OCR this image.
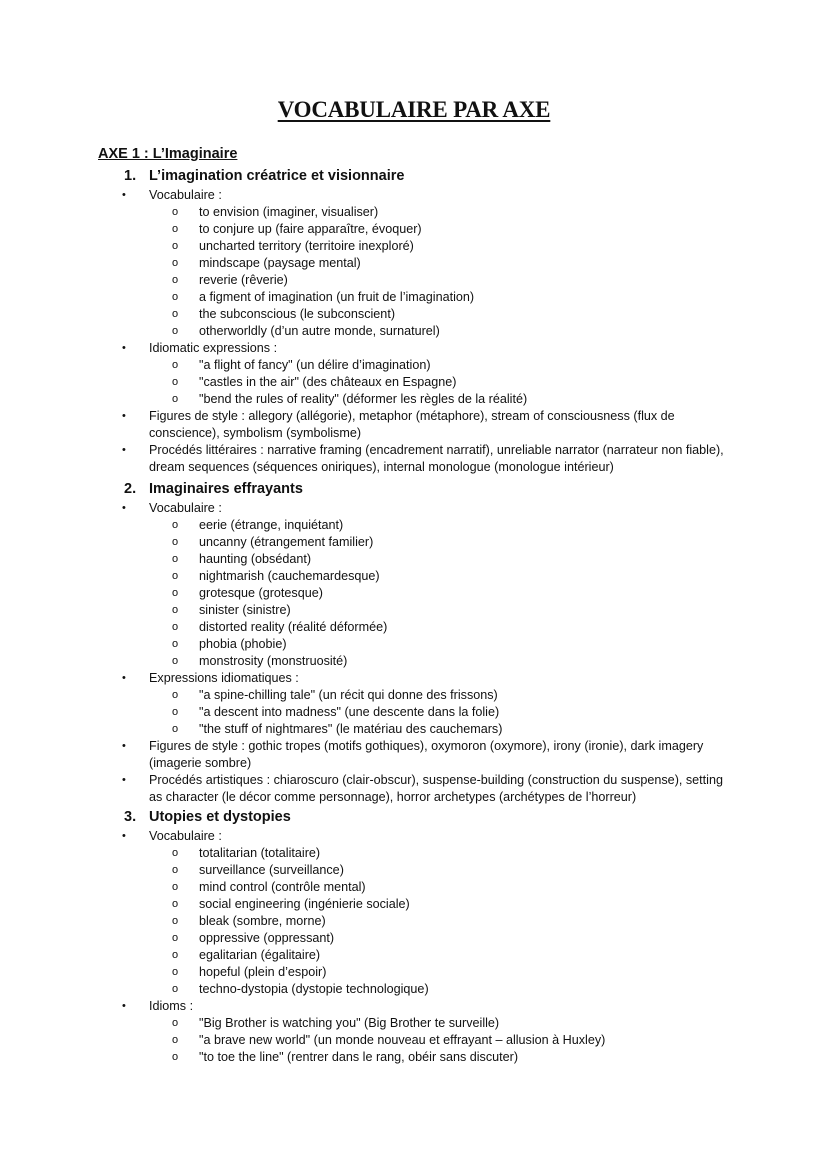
VOCABULAIRE PAR AXE
AXE 1 : L’Imaginaire
1. L’imagination créatrice et visionnaire
• Vocabulaire :
o to envision (imaginer, visualiser)
o to conjure up (faire apparaître, évoquer)
o uncharted territory (territoire inexploré)
o mindscape (paysage mental)
o reverie (rêverie)
o a figment of imagination (un fruit de l’imagination)
o the subconscious (le subconscient)
o otherworldly (d’un autre monde, surnaturel)
• Idiomatic expressions :
o "a flight of fancy" (un délire d’imagination)
o "castles in the air" (des châteaux en Espagne)
o "bend the rules of reality" (déformer les règles de la réalité)
• Figures de style : allegory (allégorie), metaphor (métaphore), stream of consciousness (flux de conscience), symbolism (symbolisme)
• Procédés littéraires : narrative framing (encadrement narratif), unreliable narrator (narrateur non fiable), dream sequences (séquences oniriques), internal monologue (monologue intérieur)
2. Imaginaires effrayants
• Vocabulaire :
o eerie (étrange, inquiétant)
o uncanny (étrangement familier)
o haunting (obsédant)
o nightmarish (cauchemardesque)
o grotesque (grotesque)
o sinister (sinistre)
o distorted reality (réalité déformée)
o phobia (phobie)
o monstrosity (monstruosité)
• Expressions idiomatiques :
o "a spine-chilling tale" (un récit qui donne des frissons)
o "a descent into madness" (une descente dans la folie)
o "the stuff of nightmares" (le matériau des cauchemars)
• Figures de style : gothic tropes (motifs gothiques), oxymoron (oxymore), irony (ironie), dark imagery (imagerie sombre)
• Procédés artistiques : chiaroscuro (clair-obscur), suspense-building (construction du suspense), setting as character (le décor comme personnage), horror archetypes (archétypes de l’horreur)
3. Utopies et dystopies
• Vocabulaire :
o totalitarian (totalitaire)
o surveillance (surveillance)
o mind control (contrôle mental)
o social engineering (ingénierie sociale)
o bleak (sombre, morne)
o oppressive (oppressant)
o egalitarian (égalitaire)
o hopeful (plein d’espoir)
o techno-dystopia (dystopie technologique)
• Idioms :
o "Big Brother is watching you" (Big Brother te surveille)
o "a brave new world" (un monde nouveau et effrayant – allusion à Huxley)
o "to toe the line" (rentrer dans le rang, obéir sans discuter)
